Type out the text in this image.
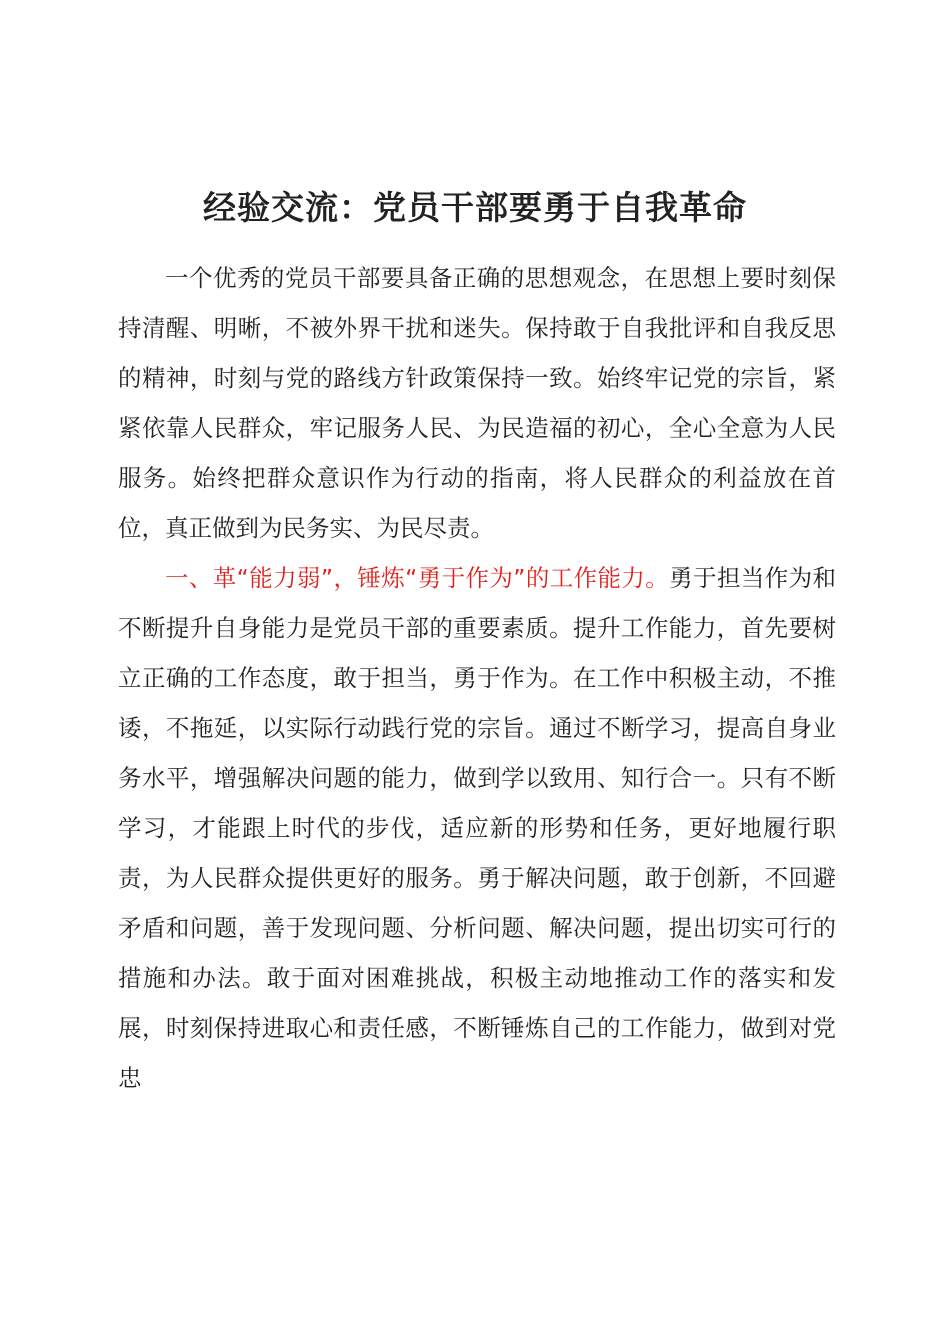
经验交流：党员干部要勇于自我革命

一个优秀的党员干部要具备正确的思想观念，在思想上要时刻保持清醒、明晰，不被外界干扰和迷失。保持敢于自我批评和自我反思的精神，时刻与党的路线方针政策保持一致。始终牢记党的宗旨，紧紧依靠人民群众，牢记服务人民、为民造福的初心，全心全意为人民服务。始终把群众意识作为行动的指南，将人民群众的利益放在首位，真正做到为民务实、为民尽责。

一、革“能力弱”，锤炼“勇于作为”的工作能力。勇于担当作为和不断提升自身能力是党员干部的重要素质。提升工作能力，首先要树立正确的工作态度，敢于担当，勇于作为。在工作中积极主动，不推诿，不拖延，以实际行动践行党的宗旨。通过不断学习，提高自身业务水平，增强解决问题的能力，做到学以致用、知行合一。只有不断学习，才能跟上时代的步伐，适应新的形势和任务，更好地履行职责，为人民群众提供更好的服务。勇于解决问题，敢于创新，不回避矛盾和问题，善于发现问题、分析问题、解决问题，提出切实可行的措施和办法。敢于面对困难挑战，积极主动地推动工作的落实和发展，时刻保持进取心和责任感，不断锤炼自己的工作能力，做到对党忠
